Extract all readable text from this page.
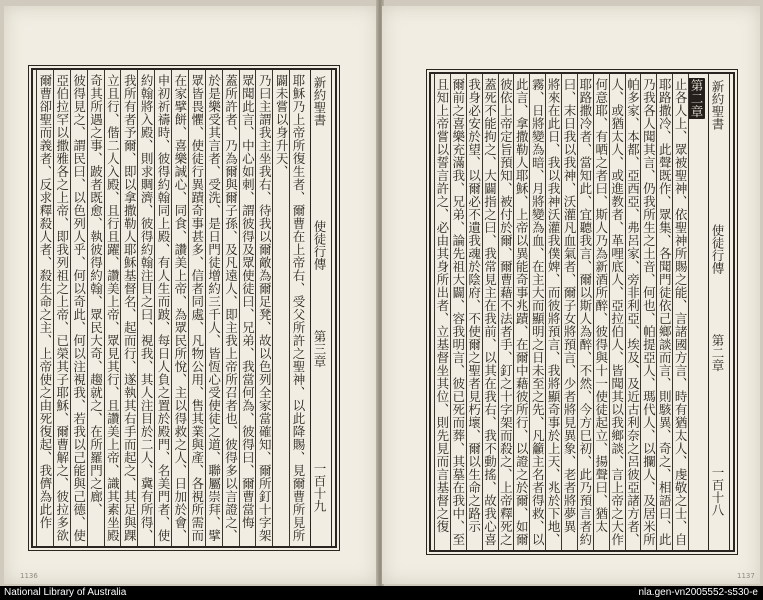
新約聖書
使徒行傳
第三章
一百十九
耶穌乃上帝所復生者、爾曹在上帝右、受父所許之聖神、以此降賜、見爾曹所見所
闢未嘗以身升天、
乃曰主謂我主坐我右、待我以爾敵為爾足凳、故以色列全家當確知、爾所釘十字架
眾聞此言、中心如刺、謂彼得及眾使徒曰、兄弟、我當何為、彼得曰、爾曹當悔
蓋所許者、乃為爾與爾子孫、及凡遠人、即主我上帝所召者也、彼得多以言證之、
於是樂受其言者、受洗、是日門徒增約三千人、皆恆心受使徒之道、聯屬崇拜、擘
眾皆畏懼、使徒行異蹟奇事甚多、信者同處、凡物公用、售其業與產、各視所需而
在家擘餅、喜樂誠心、同食、讚美上帝、為眾民所悅、主以得救之人、日加於會、
申初祈禱時、彼得約翰同上殿、有人生而跛、每日人負之置於殿門、名美門者、使
約翰將入殿、則求賙濟、彼得約翰注目之曰、視我、其人注目於二人、冀有所得、
我所有者予爾、即以拿撒勒人耶穌基督名、起而行、遂執其右手而起之、其足與踝
立且行、偕二人入殿、且行且躍、讚美上帝、眾見其行、且讚美上帝、識其素坐殿
奇其所遇之事、跛者既愈、執彼得約翰、眾民大奇、趨就之、在所羅門之廊、
彼得見之、謂民曰、以色列人乎、何以奇此、何以注視我、若我以己能與己德、使
亞伯拉罕以撒雅各之上帝、即我列祖之上帝、已榮其子耶穌、爾曹解之、彼拉多欲
爾曹卻聖而義者、反求釋殺人者、殺生命之主、上帝使之由死復起、我儕為此作
新約聖書
使徒行傳
第二章
一百十八
第二章
止各人上、眾被聖神、依聖神所賜之能、言諸國方言、時有猶太人、虔敬之士、自
耶路撒冷、此聲既作、眾集、各聞門徒依己鄉談而言、則駭異、奇之、相語曰、此
乃我各人聞其言、仍我所生之土音、何也、帕提亞人、瑪代人、以攔人、及居米所
帕多家、本都、亞西亞、弗呂家、旁非利亞、埃及、及近古利奈之呂彼亞諸方者、
人、或猶太人、或進教者、革哩底人、亞拉伯人、皆聞其以我鄉談、言上帝之大作
何意耶、有哂之者曰、斯人乃為新酒所醉、彼得與十一使徒起立、揚聲曰、猶太
耶路撒冷者、當知此、宜聽我言、爾以斯人為醉、不然、今方巳初、此乃預言者約
曰、末日我以我神、沃灌凡血氣者、爾子女將預言、少者將見異象、老者將夢異
將來在此日、我以我神沃灌我僕婢、而彼將預言、我將顯奇事於上天、兆於下地、
霧、日將變為暗、月將變為血、在主大而顯明之日未至之先、凡籲主名者得救、以
此言、拿撒勒人耶穌、上帝以異能奇事兆蹟、在爾中藉彼所行、以證之於爾、如爾
彼依上帝定旨預知、被付於爾、爾曹藉不法者手、釘之十字架而殺之、上帝釋死之
蓋死不能拘之、大闢指之曰、我常見主在我前、以其在我右、我不動搖、故我心喜
我身必安於望、以爾必不遺我魂於陰府、不使爾之聖者見朽壞、爾以生命之路示
爾前之喜樂充滿我、兄弟、論先祖大闢、容我明言、彼已死而葬、其墓在我中、至
且知上帝嘗以誓言許之、必由其身所出者、立基督坐其位、則先見而言基督之復
1136	1137
National Library of Australia	nla.gen-vn2005552-s530-e
